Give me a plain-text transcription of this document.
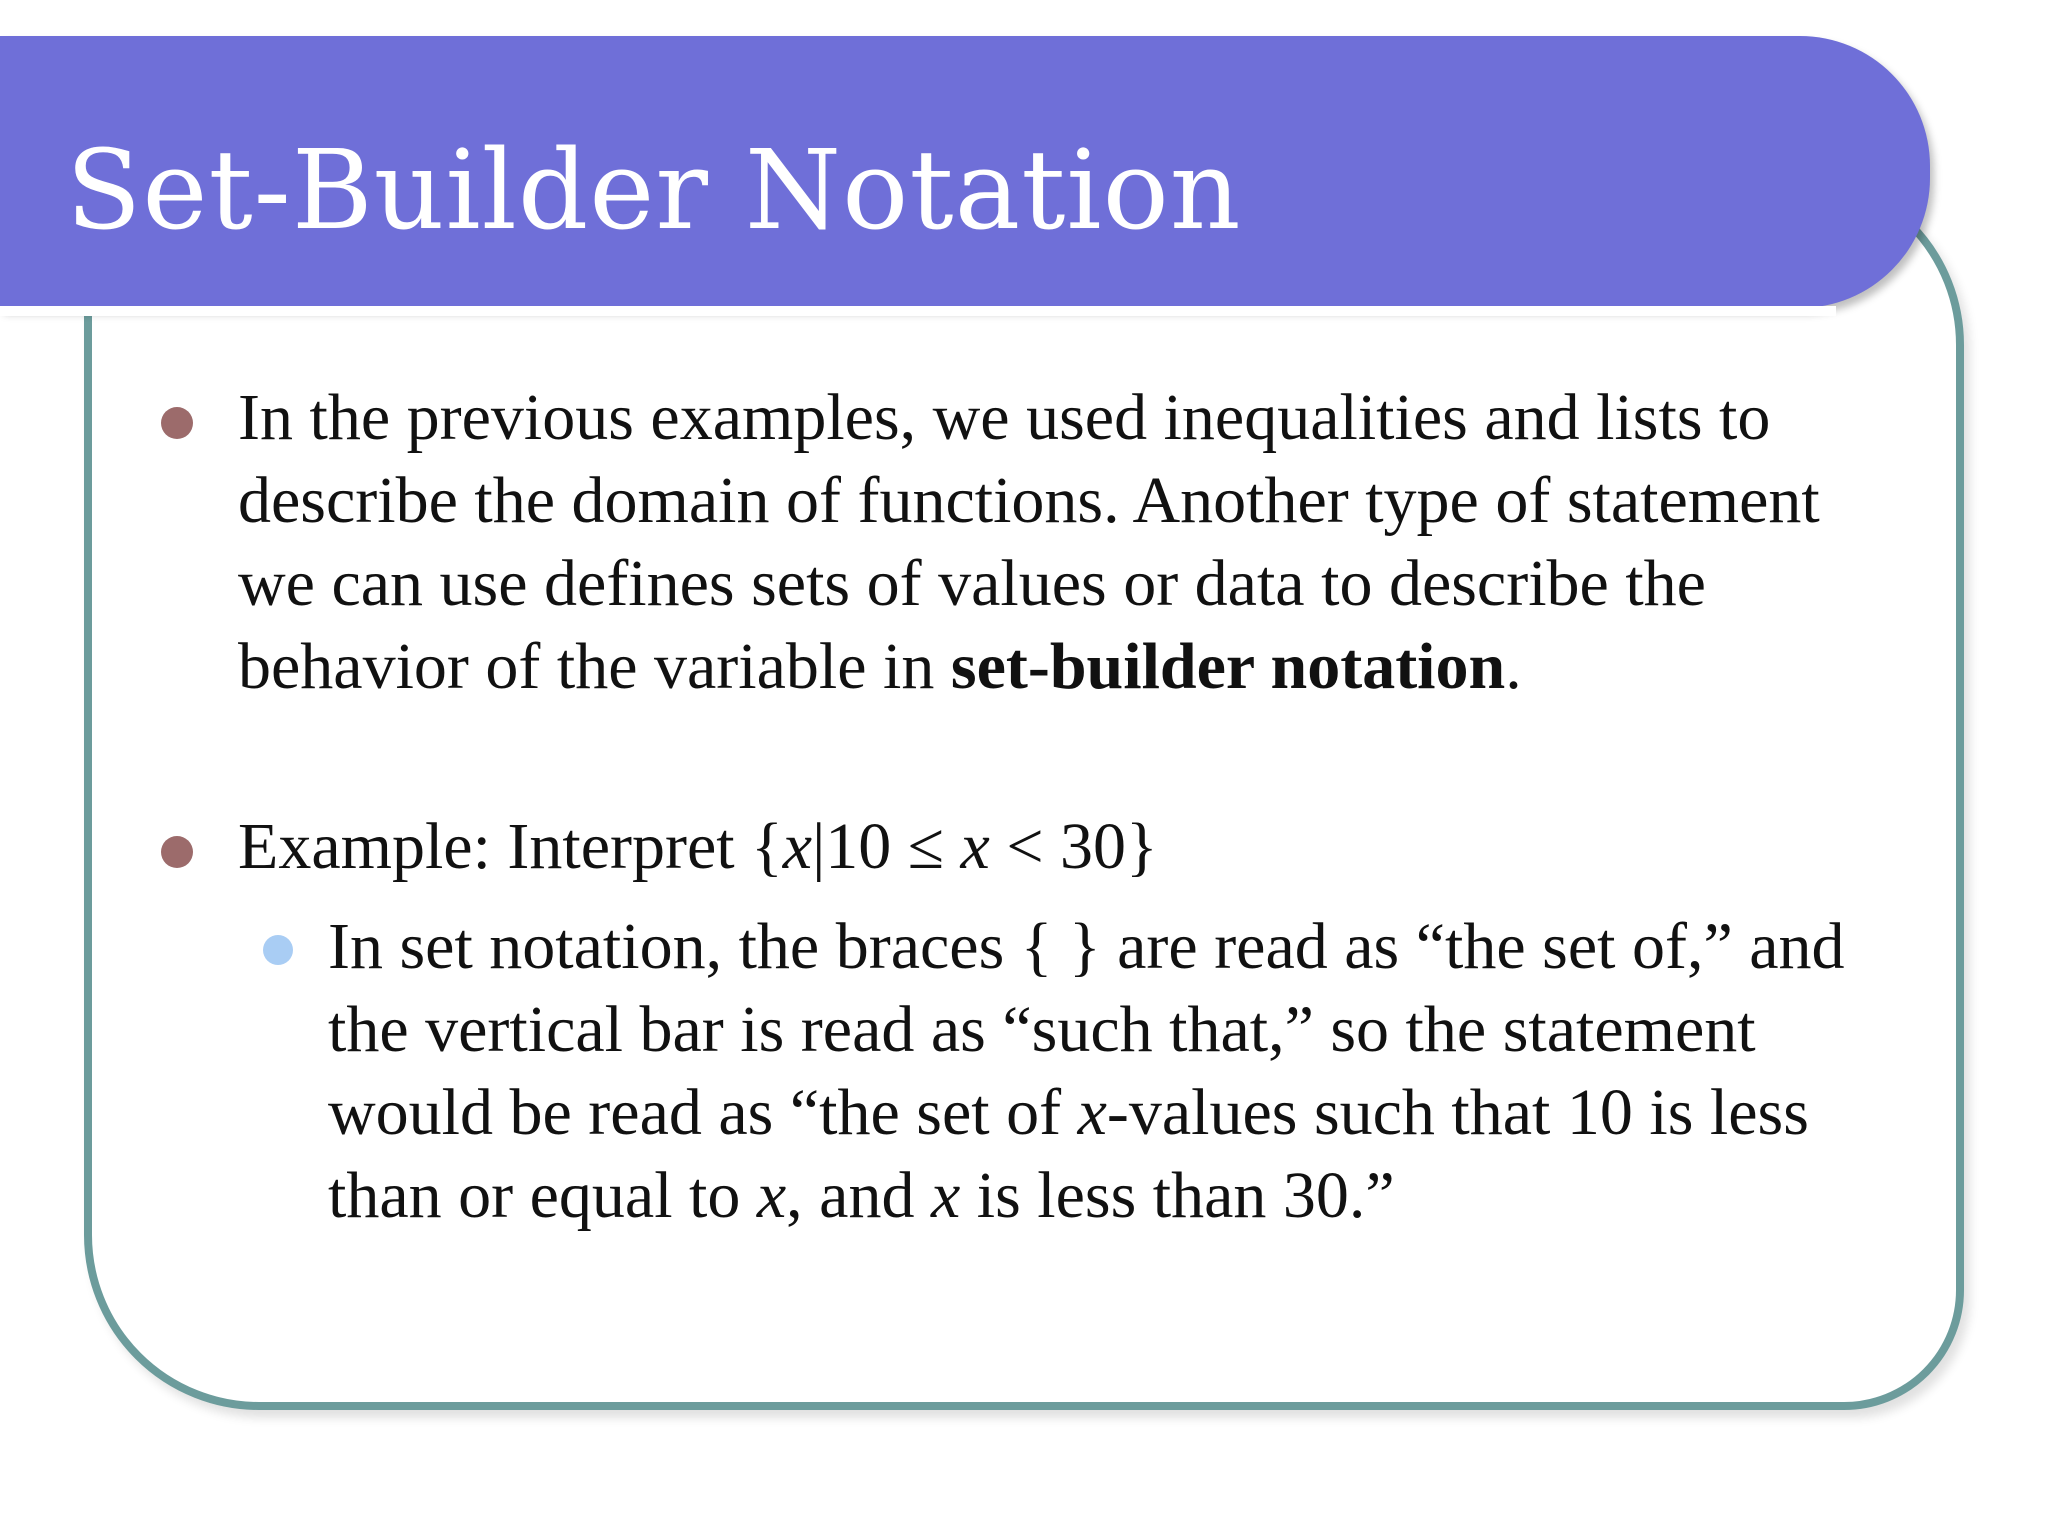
Set-Builder Notation

In the previous examples, we used inequalities and lists to describe the domain of functions. Another type of statement we can use defines sets of values or data to describe the behavior of the variable in set-builder notation.

Example: Interpret {x|10 ≤ x < 30}

In set notation, the braces { } are read as “the set of,” and the vertical bar is read as “such that,” so the statement would be read as “the set of x-values such that 10 is less than or equal to x, and x is less than 30.”
